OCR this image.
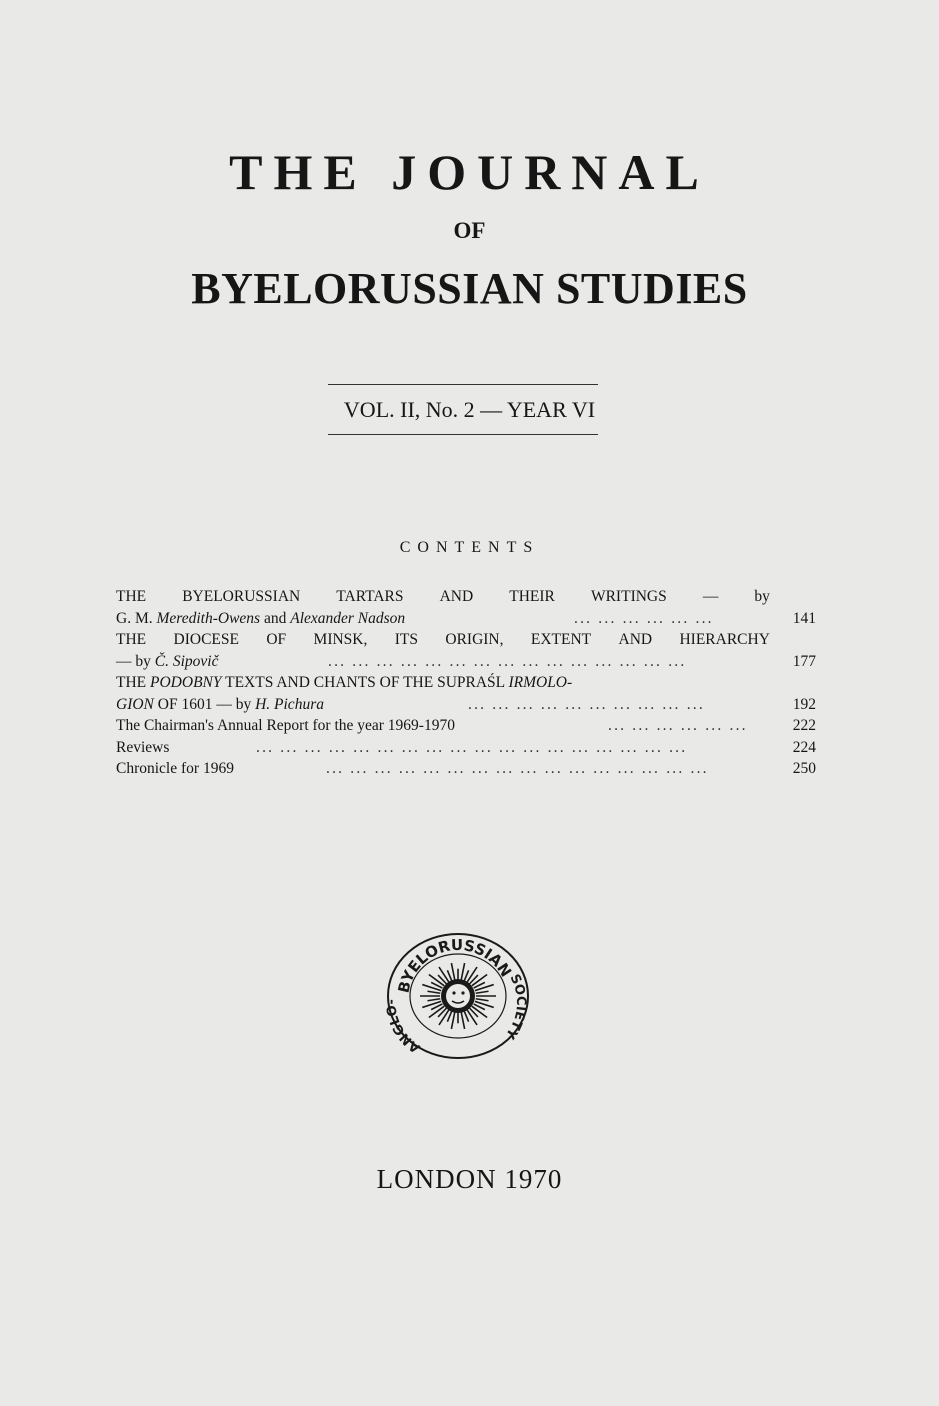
THE JOURNAL
OF
BYELORUSSIAN STUDIES
VOL. II, No. 2 — YEAR VI
CONTENTS
THE BYELORUSSIAN TARTARS AND THEIR WRITINGS — by
G. M. Meredith-Owens and Alexander Nadson	... ... ... ... ... ...	141
THE DIOCESE OF MINSK, ITS ORIGIN, EXTENT AND HIERARCHY
— by Č. Sipovič	... ... ... ... ... ... ... ... ... ... ... ... ... ... ...	177
THE PODOBNY TEXTS AND CHANTS OF THE SUPRAŚL IRMOLO-
GION OF 1601 — by H. Pichura	... ... ... ... ... ... ... ... ... ...	192
The Chairman's Annual Report for the year 1969-1970	... ... ... ... ... ...	222
Reviews	... ... ... ... ... ... ... ... ... ... ... ... ... ... ... ... ... ...	224
Chronicle for 1969	... ... ... ... ... ... ... ... ... ... ... ... ... ... ... ...	250
BYELORUSSIAN
ANGLO-
SOCIETY
LONDON 1970
